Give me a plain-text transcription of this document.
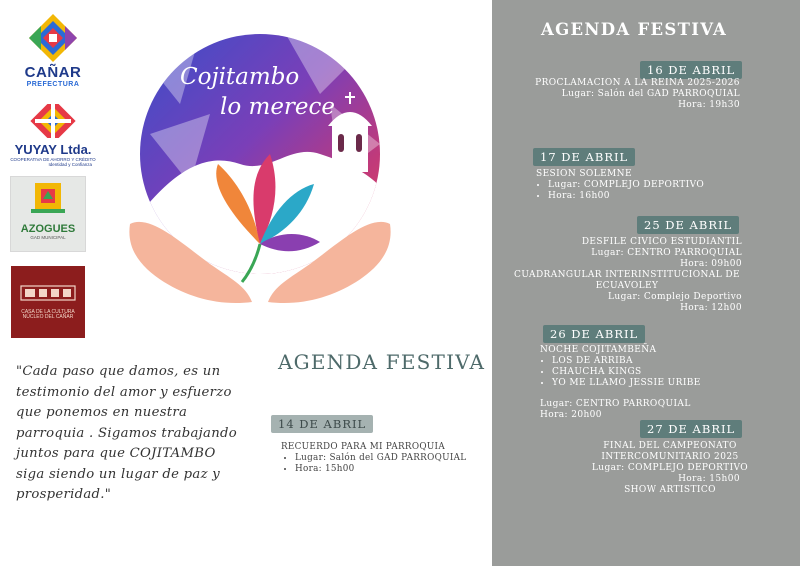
CAÑAR
PREFECTURA
YUYAY Ltda.
COOPERATIVA DE AHORRO Y CRÉDITO
Identidad y Confianza
AZOGUES
GAD MUNICIPAL
CASA DE LA CULTURA
NÚCLEO DEL CAÑAR
Cojitambo
lo merece
"Cada paso que damos, es un testimonio del amor y esfuerzo que ponemos en nuestra parroquia . Sigamos trabajando juntos para que COJITAMBO siga siendo un lugar de paz y prosperidad."
AGENDA FESTIVA
14 DE ABRIL
RECUERDO PARA MI PARROQUIA
• Lugar: Salón del GAD PARROQUIAL
• Hora: 15h00
AGENDA FESTIVA
16 DE ABRIL
PROCLAMACION A LA REINA 2025-2026
Lugar: Salón del GAD PARROQUIAL
Hora: 19h30
17 DE ABRIL
SESION SOLEMNE
• Lugar: COMPLEJO DEPORTIVO
• Hora: 16h00
25 DE ABRIL
DESFILE CIVICO ESTUDIANTIL
Lugar: CENTRO PARROQUIAL
Hora: 09h00
CUADRANGULAR INTERINSTITUCIONAL DE ECUAVOLEY
Lugar: Complejo Deportivo
Hora: 12h00
26 DE ABRIL
NOCHE COJITAMBEÑA
• LOS DE ARRIBA
• CHAUCHA KINGS
• YO ME LLAMO JESSIE URIBE
Lugar: CENTRO PARROQUIAL
Hora: 20h00
27 DE ABRIL
FINAL DEL CAMPEONATO
INTERCOMUNITARIO 2025
Lugar: COMPLEJO DEPORTIVO
Hora: 15h00
SHOW ARTISTICO
